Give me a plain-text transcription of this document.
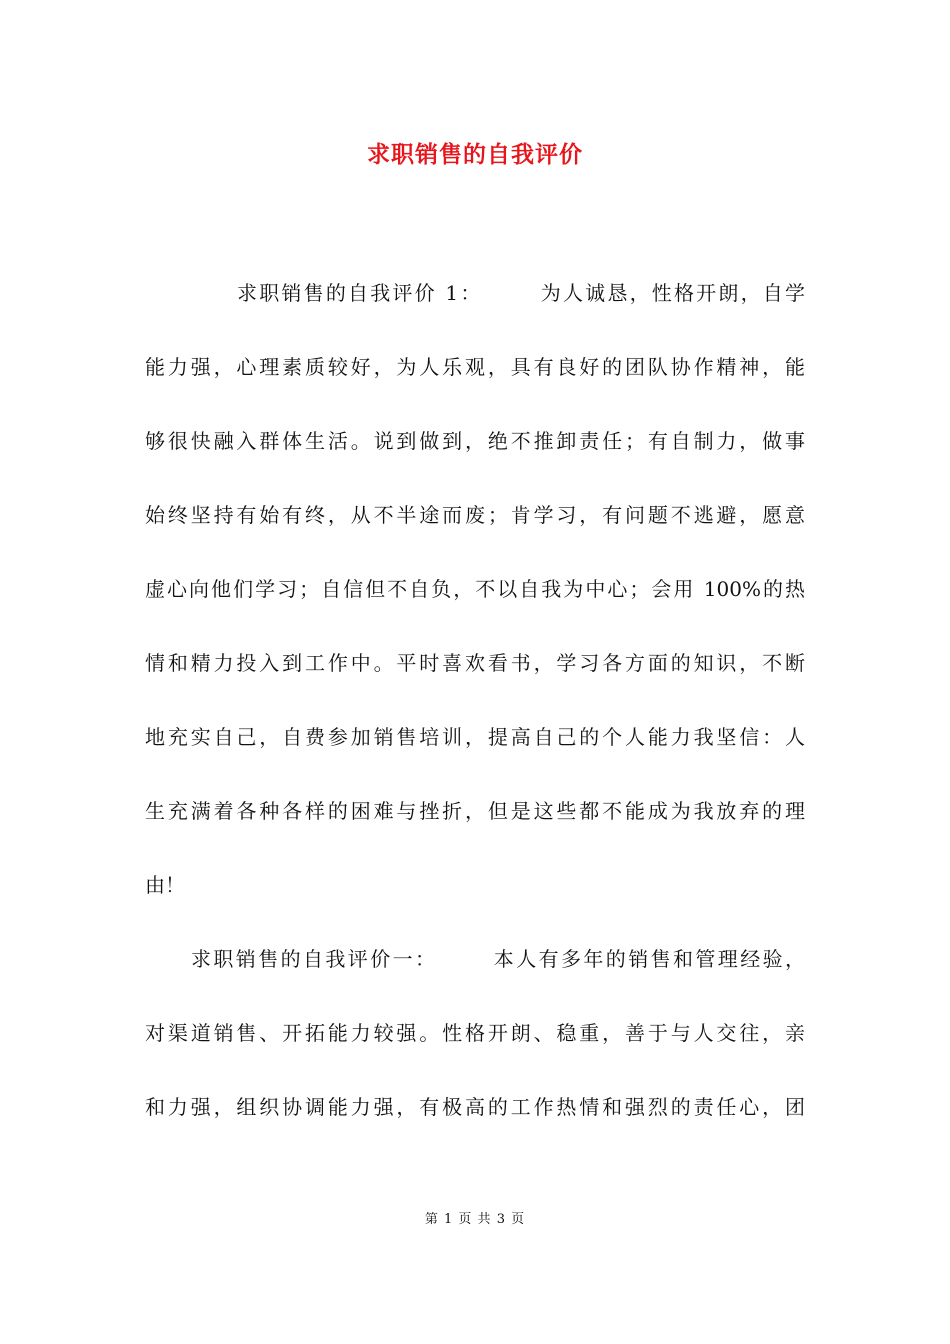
求职销售的自我评价
求职销售的自我评价 1：	为人诚恳，性格开朗，自学
能力强，心理素质较好，为人乐观，具有良好的团队协作精神，能
够很快融入群体生活。说到做到，绝不推卸责任；有自制力，做事
始终坚持有始有终，从不半途而废；肯学习，有问题不逃避，愿意
虚心向他们学习；自信但不自负，不以自我为中心；会用 100%的热
情和精力投入到工作中。平时喜欢看书，学习各方面的知识，不断
地充实自己，自费参加销售培训，提高自己的个人能力我坚信：人
生充满着各种各样的困难与挫折，但是这些都不能成为我放弃的理
由！
求职销售的自我评价一：	本人有多年的销售和管理经验，
对渠道销售、开拓能力较强。性格开朗、稳重，善于与人交往，亲
和力强，组织协调能力强，有极高的工作热情和强烈的责任心，团
第 1 页 共 3 页
